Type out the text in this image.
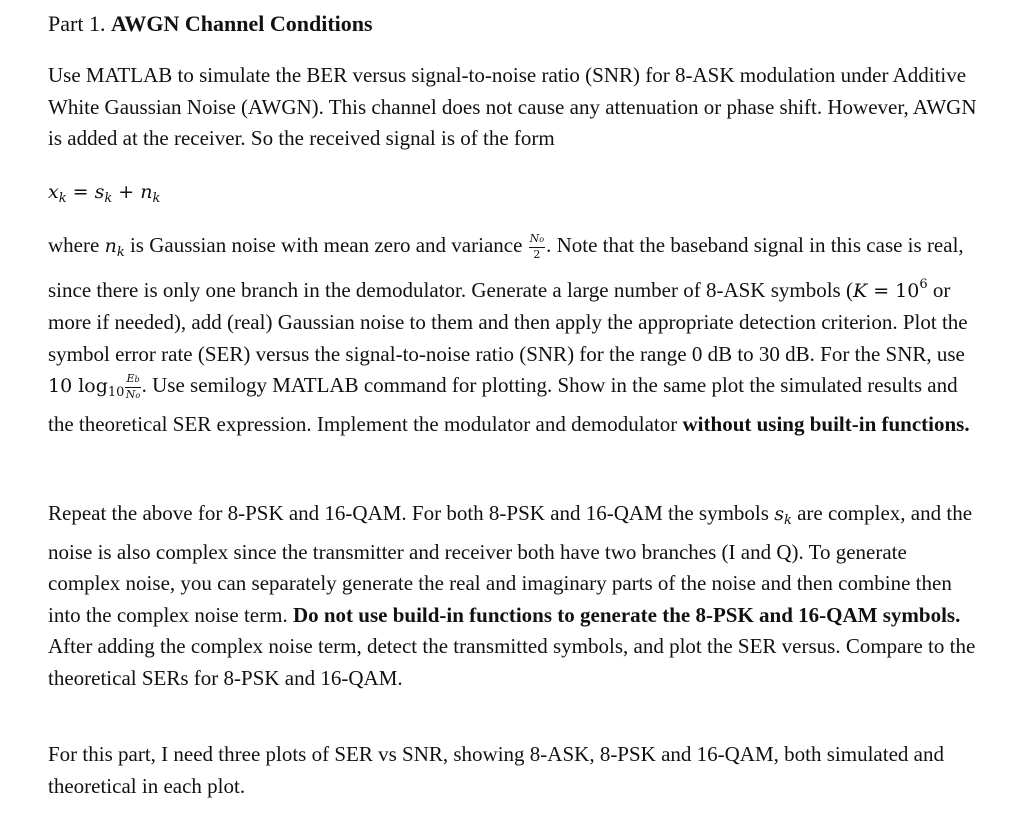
Part 1. AWGN Channel Conditions

Use MATLAB to simulate the BER versus signal-to-noise ratio (SNR) for 8-ASK modulation under Additive White Gaussian Noise (AWGN). This channel does not cause any attenuation or phase shift. However, AWGN is added at the receiver. So the received signal is of the form

$x_k = s_k + n_k$

where $n_k$ is Gaussian noise with mean zero and variance $\frac{No}{2}$ . Note that the baseband signal in this case is real, since there is only one branch in the demodulator. Generate a large number of 8-ASK symbols ($K = 10^6$ or more if needed), add (real) Gaussian noise to them and then apply the appropriate detection criterion. Plot the symbol error rate (SER) versus the signal-to-noise ratio (SNR) for the range 0 dB to 30 dB. For the SNR, use 10 $\log_{10} \frac{Eb}{No}$ . Use semilogy MATLAB command for plotting. Show in the same plot the simulated results and the theoretical SER expression. Implement the modulator and demodulator without using built-in functions.

Repeat the above for 8-PSK and 16-QAM. For both 8-PSK and 16-QAM the symbols $s_k$ are complex, and the noise is also complex since the transmitter and receiver both have two branches (I and Q). To generate complex noise, you can separately generate the real and imaginary parts of the noise and then combine then into the complex noise term. Do not use build-in functions to generate the 8-PSK and 16-QAM symbols. After adding the complex noise term, detect the transmitted symbols, and plot the SER versus. Compare to the theoretical SERs for 8-PSK and 16-QAM.

For this part, I need three plots of SER vs SNR, showing 8-ASK, 8-PSK and 16-QAM, both simulated and theoretical in each plot.
